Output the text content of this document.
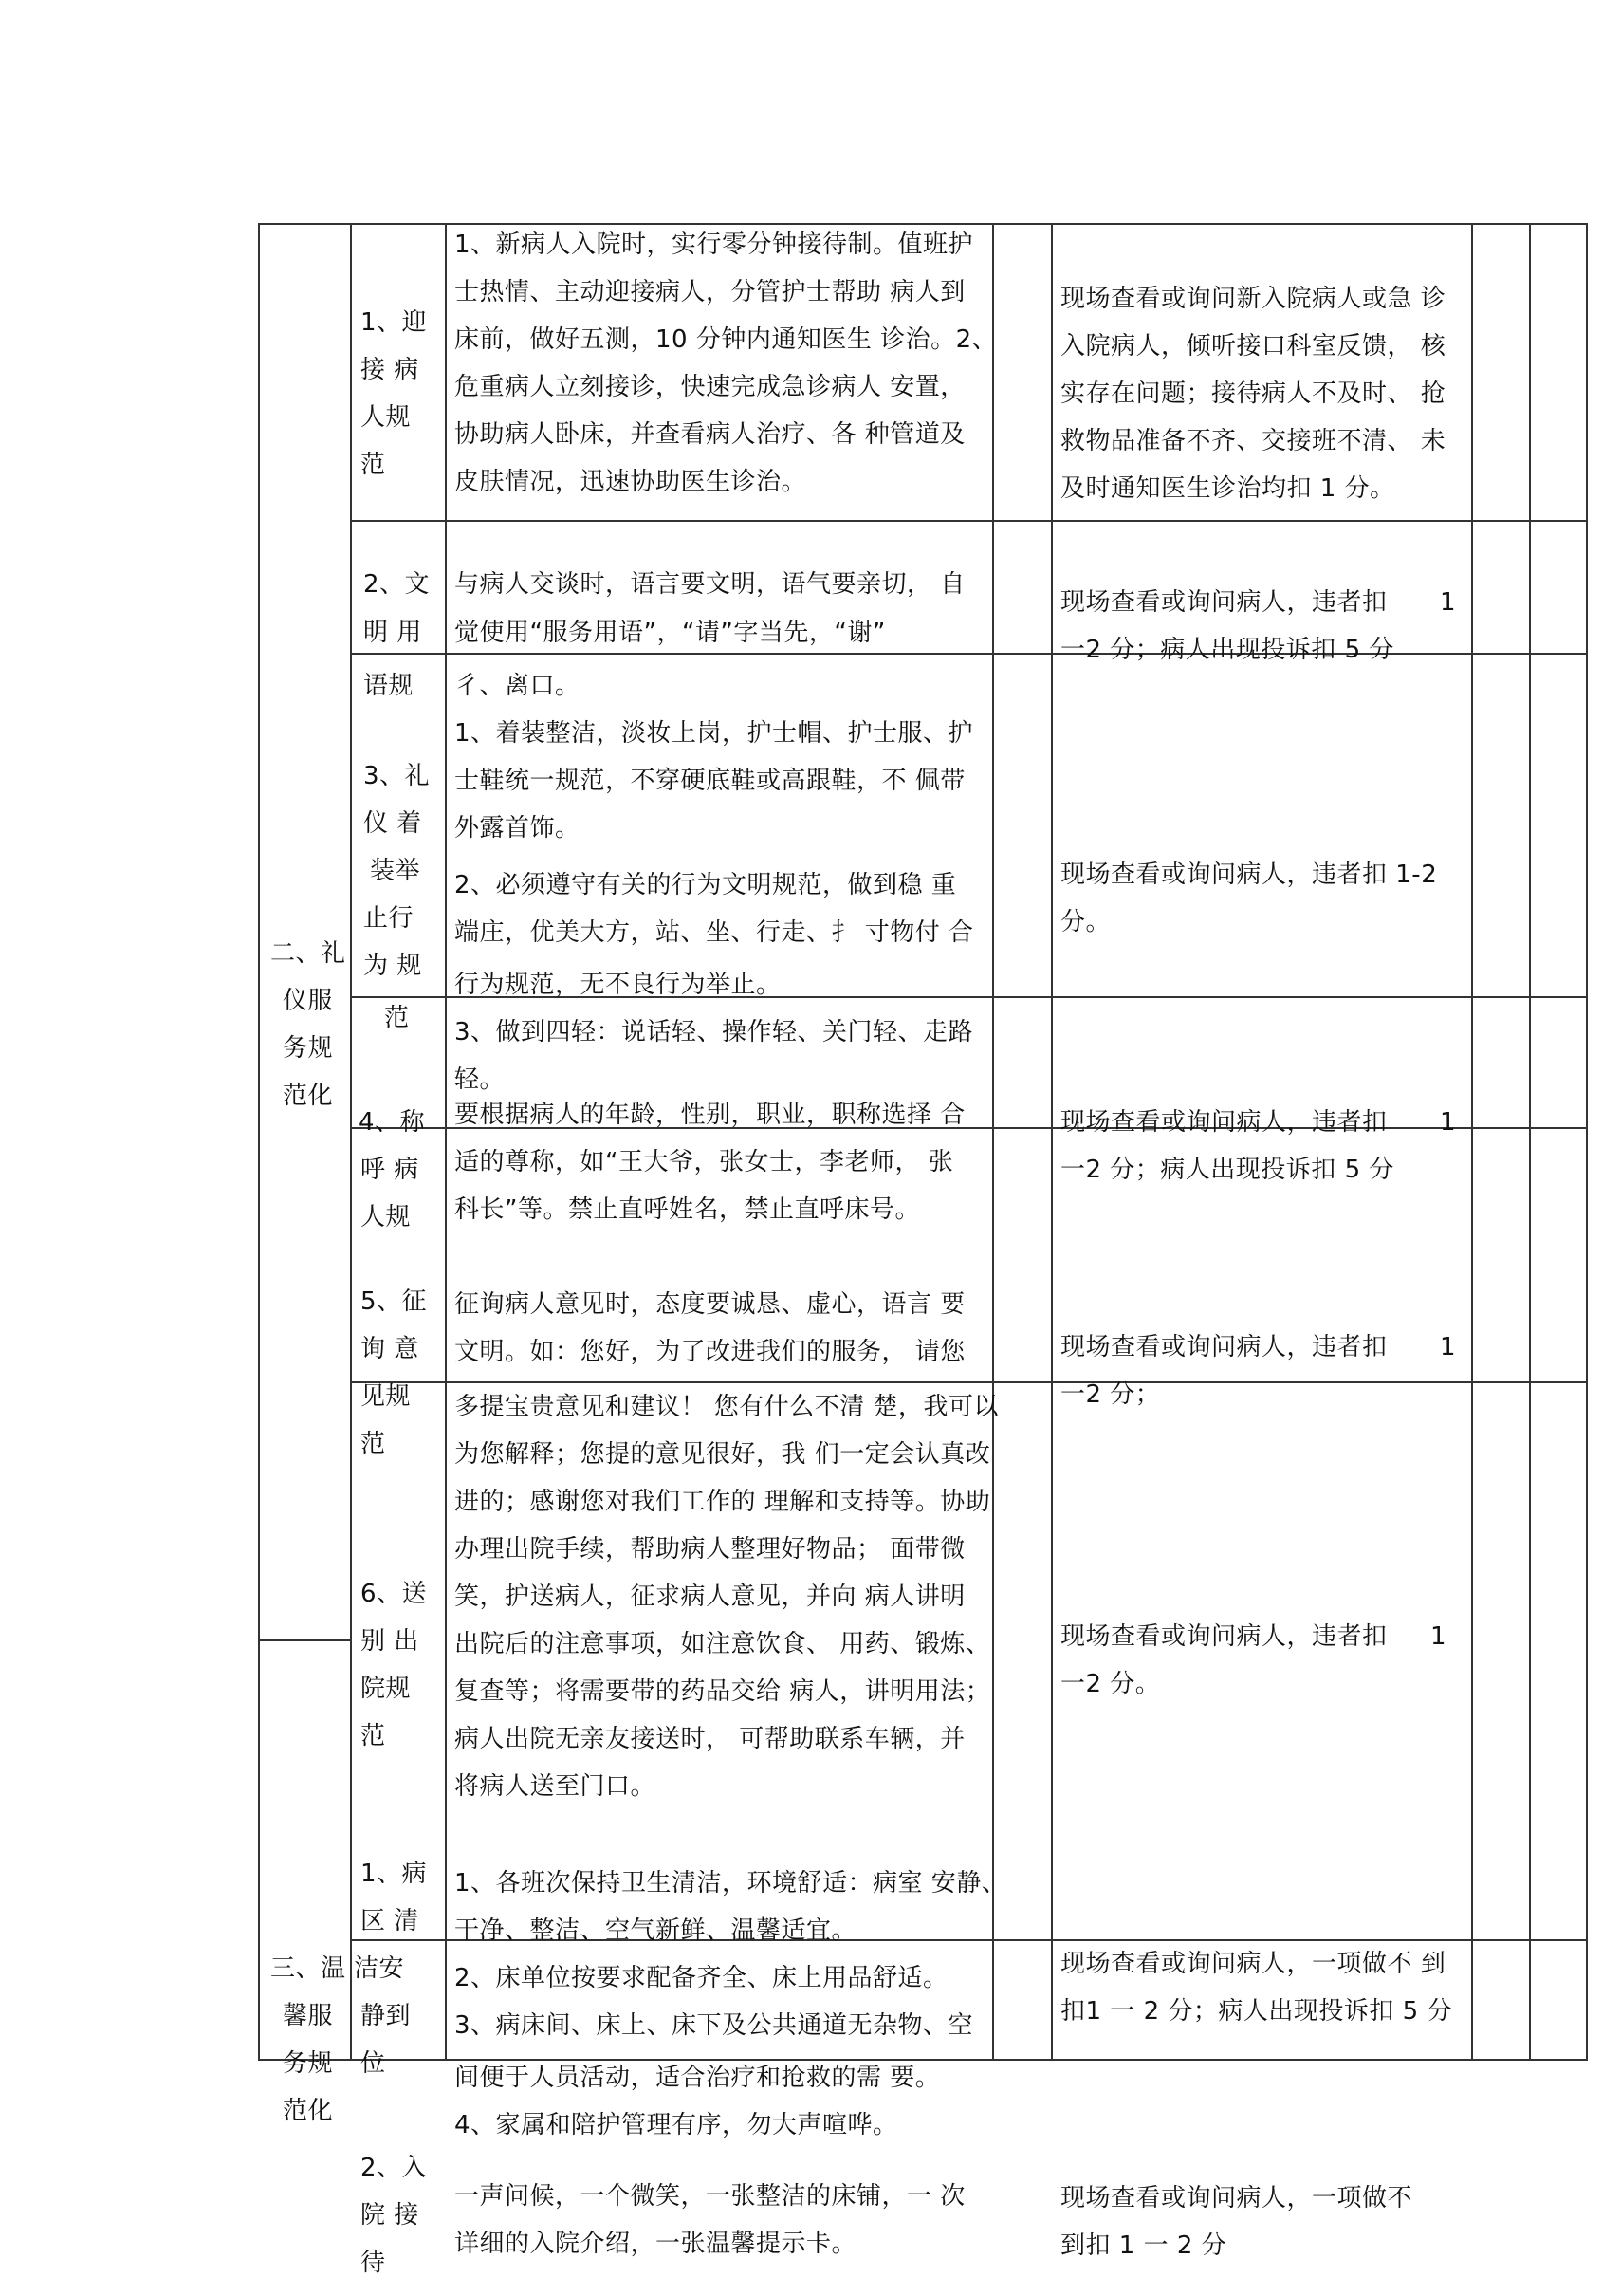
二、礼
仪服
务规
范化
三、温
馨服
务规
范化
1、迎
接 病
人规
范
2、文
明 用
语规
3、礼
仪 着
装举
止行
为 规
范
4、称
呼 病
人规
5、征
询 意
见规
范
6、送
别 出
院规
范
1、病
区 清
洁安
静到
位
2、入
院 接
待
1、新病人入院时，实行零分钟接待制。值班护
士热情、主动迎接病人，分管护士帮助 病人到
床前，做好五测，10 分钟内通知医生 诊治。2、
危重病人立刻接诊，快速完成急诊病人 安置，
协助病人卧床，并查看病人治疗、各 种管道及
皮肤情况，迅速协助医生诊治。
与病人交谈时，语言要文明，语气要亲切， 自
觉使用“服务用语”，“请”字当先，“谢”
彳、离口。
1、着装整洁，淡妆上岗，护士帽、护士服、护
士鞋统一规范，不穿硬底鞋或高跟鞋，不 佩带
外露首饰。
2、必须遵守有关的行为文明规范，做到稳 重
端庄，优美大方，站、坐、行走、扌 寸物付 合
行为规范，无不良行为举止。
3、做到四轻：说话轻、操作轻、关门轻、走路
轻。
要根据病人的年龄，性别，职业，职称选择 合
适的尊称，如“王大爷，张女士，李老师， 张
科长”等。禁止直呼姓名，禁止直呼床号。
征询病人意见时，态度要诚恳、虚心，语言 要
文明。如：您好，为了改进我们的服务， 请您
多提宝贵意见和建议！ 您有什么不清 楚，我可以
为您解释；您提的意见很好，我 们一定会认真改
进的；感谢您对我们工作的 理解和支持等。协助
办理出院手续，帮助病人整理好物品； 面带微
笑，护送病人，征求病人意见，并向 病人讲明
出院后的注意事项，如注意饮食、 用药、锻炼、
复查等；将需要带的药品交给 病人，讲明用法；
病人出院无亲友接送时， 可帮助联系车辆，并
将病人送至门口。
1、各班次保持卫生清洁，环境舒适：病室 安静、
干净、整洁、空气新鲜、温馨适宜。
2、床单位按要求配备齐全、床上用品舒适。
3、病床间、床上、床下及公共通道无杂物、空
间便于人员活动，适合治疗和抢救的需 要。
4、家属和陪护管理有序，勿大声喧哗。
一声问候，一个微笑，一张整洁的床铺，一 次
详细的入院介绍，一张温馨提示卡。
现场查看或询问新入院病人或急 诊
入院病人，倾听接口科室反馈， 核
实存在问题；接待病人不及时、 抢
救物品准备不齐、交接班不清、 未
及时通知医生诊治均扣 1 分。
现场查看或询问病人，违者扣
一2 分；病人出现投诉扣 5 分
1
现场查看或询问病人，违者扣 1-2
分。
现场查看或询问病人，违者扣
一2 分；病人出现投诉扣 5 分
1
现场查看或询问病人，违者扣
一2 分；
1
现场查看或询问病人，违者扣
一2 分。
1
现场查看或询问病人，一项做不 到
扣1 一 2 分；病人出现投诉扣 5 分
现场查看或询问病人，一项做不
到扣 1 一 2 分
